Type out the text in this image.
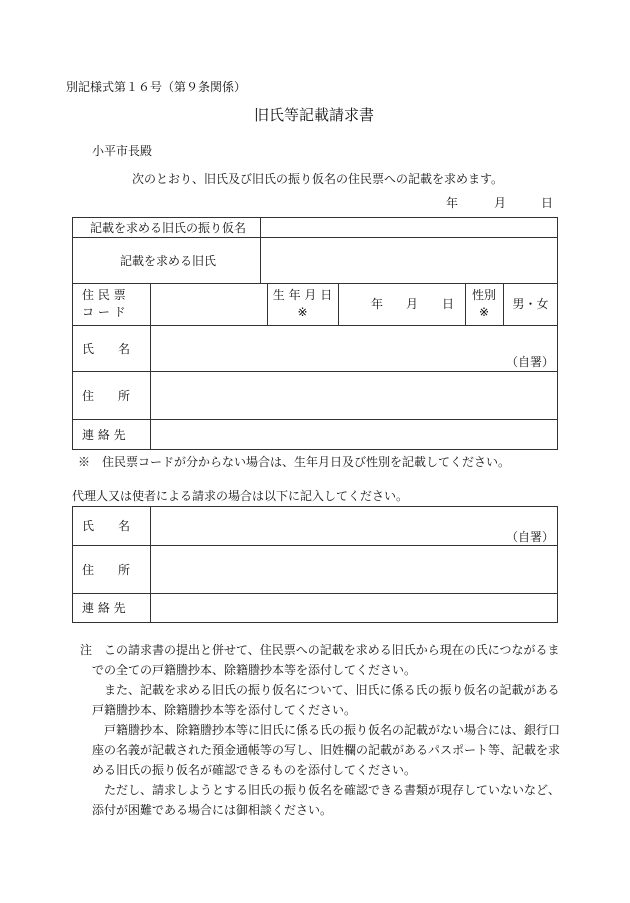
別記様式第１６号（第９条関係）
旧氏等記載請求書
小平市長殿
次のとおり、旧氏及び旧氏の振り仮名の住民票への記載を求めます。
年	月	日
記載を求める旧氏の振り仮名
記載を求める旧氏
住 民 票
コ ー ド
生 年 月 日
※
年 月 日
性別
※
男・女
氏　　名
（自署）
住　　所
連 絡 先
※　住民票コードが分からない場合は、生年月日及び性別を記載してください。
代理人又は使者による請求の場合は以下に記入してください。
氏　　名
（自署）
住　　所
連 絡 先
注　この請求書の提出と併せて、住民票への記載を求める旧氏から現在の氏につながるま
での全ての戸籍謄抄本、除籍謄抄本等を添付してください。
　また、記載を求める旧氏の振り仮名について、旧氏に係る氏の振り仮名の記載がある
戸籍謄抄本、除籍謄抄本等を添付してください。
　戸籍謄抄本、除籍謄抄本等に旧氏に係る氏の振り仮名の記載がない場合には、銀行口
座の名義が記載された預金通帳等の写し、旧姓欄の記載があるパスポート等、記載を求
める旧氏の振り仮名が確認できるものを添付してください。
　ただし、請求しようとする旧氏の振り仮名を確認できる書類が現存していないなど、
添付が困難である場合には御相談ください。
